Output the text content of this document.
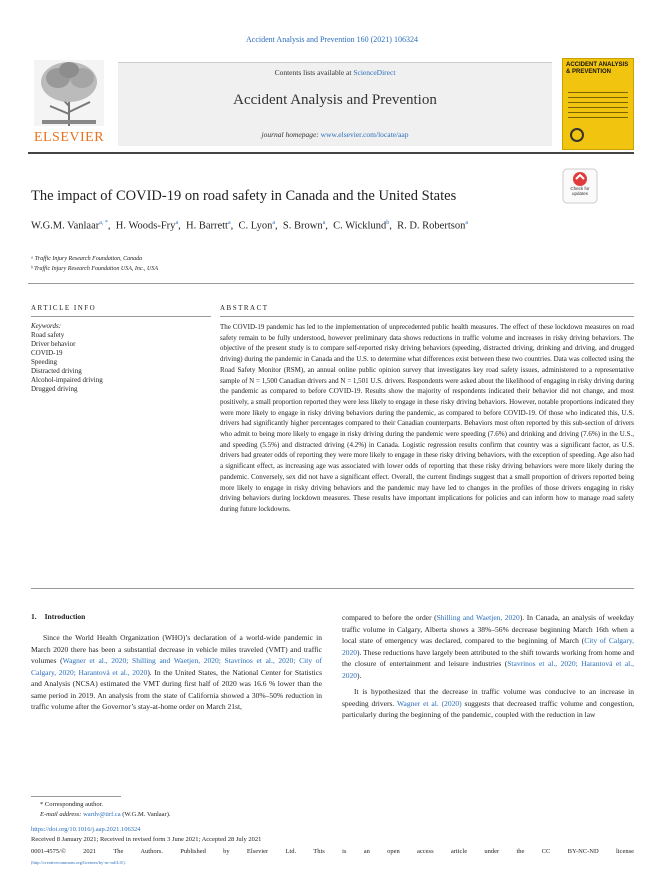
Accident Analysis and Prevention 160 (2021) 106324
ELSEVIER
Contents lists available at ScienceDirect
Accident Analysis and Prevention
journal homepage: www.elsevier.com/locate/aap
ACCIDENT ANALYSIS & PREVENTION
The impact of COVID-19 on road safety in Canada and the United States	Check for updates
W.G.M. Vanlaar$^{a, *}$,  H. Woods-Fry$^a$,  H. Barrett$^a$,  C. Lyon$^a$,  S. Brown$^a$,  C. Wicklund$^b$,  R. D. Robertson$^a$
ᵃ Traffic Injury Research Foundation, Canada
ᵇ Traffic Injury Research Foundation USA, Inc., USA
ARTICLE INFO	ABSTRACT
Keywords:
Road safety
Driver behavior
COVID-19
Speeding
Distracted driving
Alcohol-impaired driving
Drugged driving
The COVID-19 pandemic has led to the implementation of unprecedented public health measures. The effect of these lockdown measures on road safety remain to be fully understood, however preliminary data shows reductions in traffic volume and increases in risky driving behaviors. The objective of the present study is to compare self-reported risky driving behaviors (speeding, distracted driving, drinking and driving, and drugged driving) during the pandemic in Canada and the U.S. to determine what differences exist between these two countries. Data was collected using the Road Safety Monitor (RSM), an annual online public opinion survey that investigates key road safety issues, administered to a representative sample of N = 1,500 Canadian drivers and N = 1,501 U.S. drivers. Respondents were asked about the likelihood of engaging in risky driving during the pandemic as compared to before COVID-19. Results show the majority of respondents indicated their behavior did not change, and most positively, a small proportion reported they were less likely to engage in these risky driving behaviors. However, notable proportions indicated they were more likely to engage in risky driving behaviors during the pandemic, as compared to before COVID-19. Of those who indicated this, U.S. drivers had significantly higher percentages compared to their Canadian counterparts. Behaviors most often reported by this sub-section of drivers who admit to being more likely to engage in risky driving during the pandemic were speeding (7.6%) and drinking and driving (7.6%) in the U.S., and speeding (5.5%) and distracted driving (4.2%) in Canada. Logistic regression results confirm that country was a significant factor, as U.S. drivers had greater odds of reporting they were more likely to engage in these risky driving behaviors, with the exception of speeding. Age also had a significant effect, as increasing age was associated with lower odds of reporting that these risky driving behaviors were more likely during the pandemic. Conversely, sex did not have a significant effect. Overall, the current findings suggest that a small proportion of drivers reported being more likely to engage in risky driving behaviors and the pandemic may have led to changes in the profiles of those drivers engaging in risky driving behaviors during lockdown measures. These results have important implications for policies and can inform how to manage road safety during future lockdowns.
1. Introduction
Since the World Health Organization (WHO)’s declaration of a world-wide pandemic in March 2020 there has been a substantial decrease in vehicle miles traveled (VMT) and traffic volumes (Wagner et al., 2020; Shilling and Waetjen, 2020; Stavrinos et al., 2020; City of Calgary, 2020; Harantová et al., 2020). In the United States, the National Center for Statistics and Analysis (NCSA) estimated the VMT during first half of 2020 was 16.6 % lower than the same period in 2019. An analysis from the state of California showed a 30%–50% reduction in traffic volume after the Governor’s stay-at-home order on March 21st,
compared to before the order (Shilling and Waetjen, 2020). In Canada, an analysis of weekday traffic volume in Calgary, Alberta shows a 38%–56% decrease beginning March 16th when a local state of emergency was declared, compared to the beginning of March (City of Calgary, 2020). These reductions have largely been attributed to the shift towards working from home and the closure of entertainment and leisure industries (Stavrinos et al., 2020; Harantová et al., 2020).
It is hypothesized that the decrease in traffic volume was conducive to an increase in speeding drivers. Wagner et al. (2020) suggests that decreased traffic volume and congestion, particularly during the beginning of the pandemic, coupled with the reduction in law
* Corresponding author.
E-mail address: wardv@tirf.ca (W.G.M. Vanlaar).
https://doi.org/10.1016/j.aap.2021.106324
Received 8 January 2021; Received in revised form 3 June 2021; Accepted 28 July 2021
0001-4575/© 2021 The Authors. Published by Elsevier Ltd. This is an open access article under the CC BY-NC-ND license
(http://creativecommons.org/licenses/by-nc-nd/4.0/).
